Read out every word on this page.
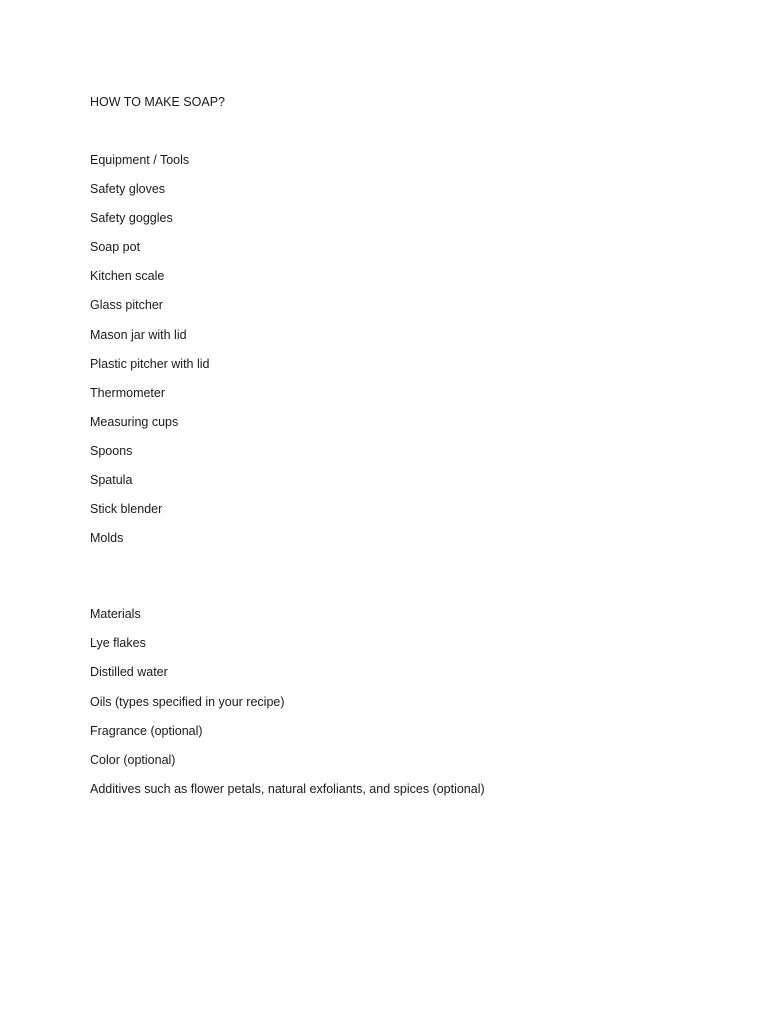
HOW TO MAKE SOAP?
Equipment / Tools
Safety gloves
Safety goggles
Soap pot
Kitchen scale
Glass pitcher
Mason jar with lid
Plastic pitcher with lid
Thermometer
Measuring cups
Spoons
Spatula
Stick blender
Molds
Materials
Lye flakes
Distilled water
Oils (types specified in your recipe)
Fragrance (optional)
Color (optional)
Additives such as flower petals, natural exfoliants, and spices (optional)
